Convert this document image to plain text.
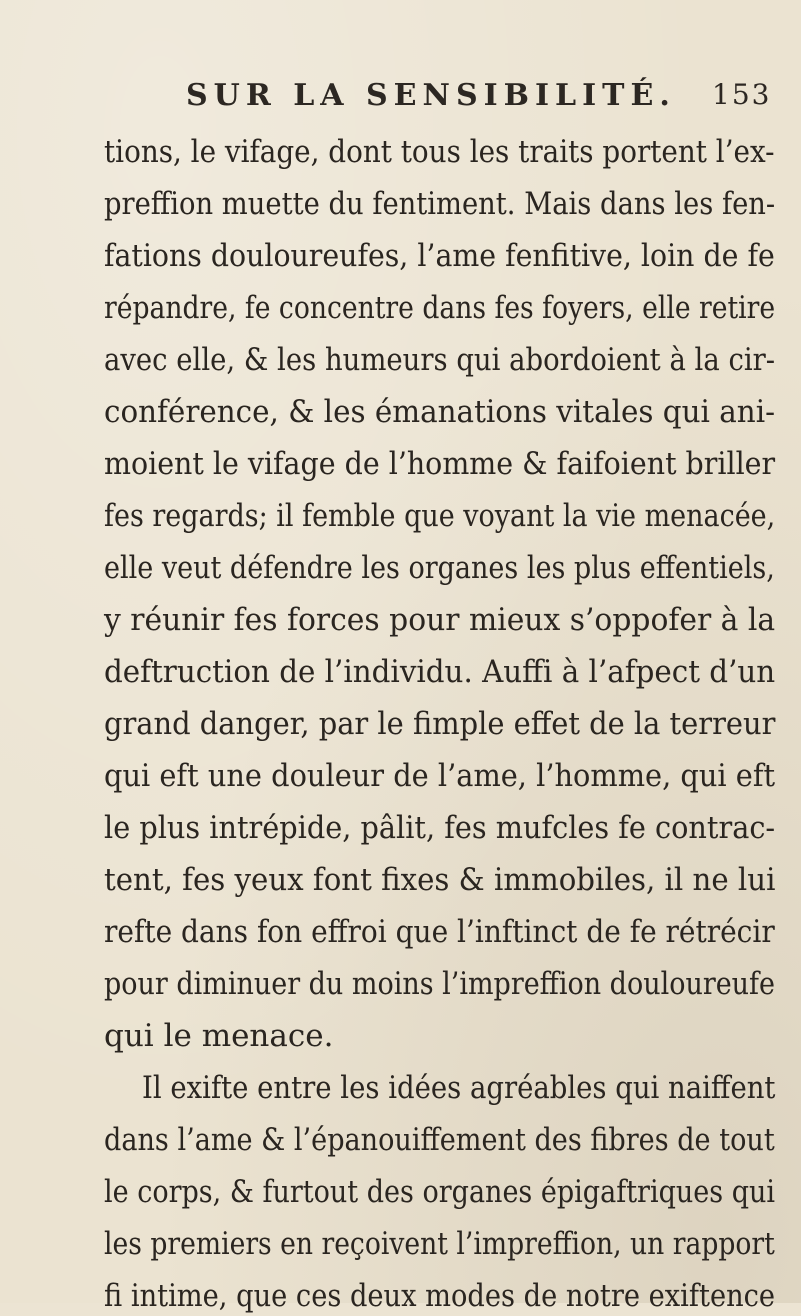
SUR LA SENSIBILITÉ. 153
tions, le vifage, dont tous les traits portent l’ex-
preffion muette du fentiment. Mais dans les fen-
fations douloureufes, l’ame fenfitive, loin de fe
répandre, fe concentre dans fes foyers, elle retire
avec elle, & les humeurs qui abordoient à la cir-
conférence, & les émanations vitales qui ani-
moient le vifage de l’homme & faifoient briller
fes regards; il femble que voyant la vie menacée,
elle veut défendre les organes les plus effentiels,
y réunir fes forces pour mieux s’oppofer à la
deftruction de l’individu. Auffi à l’afpect d’un
grand danger, par le fimple effet de la terreur
qui eft une douleur de l’ame, l’homme, qui eft
le plus intrépide, pâlit, fes mufcles fe contrac-
tent, fes yeux font fixes & immobiles, il ne lui
refte dans fon effroi que l’inftinct de fe rétrécir
pour diminuer du moins l’impreffion douloureufe
qui le menace.
Il exifte entre les idées agréables qui naiffent
dans l’ame & l’épanouiffement des fibres de tout
le corps, & furtout des organes épigaftriques qui
les premiers en reçoivent l’impreffion, un rapport
fi intime, que ces deux modes de notre exiftence
